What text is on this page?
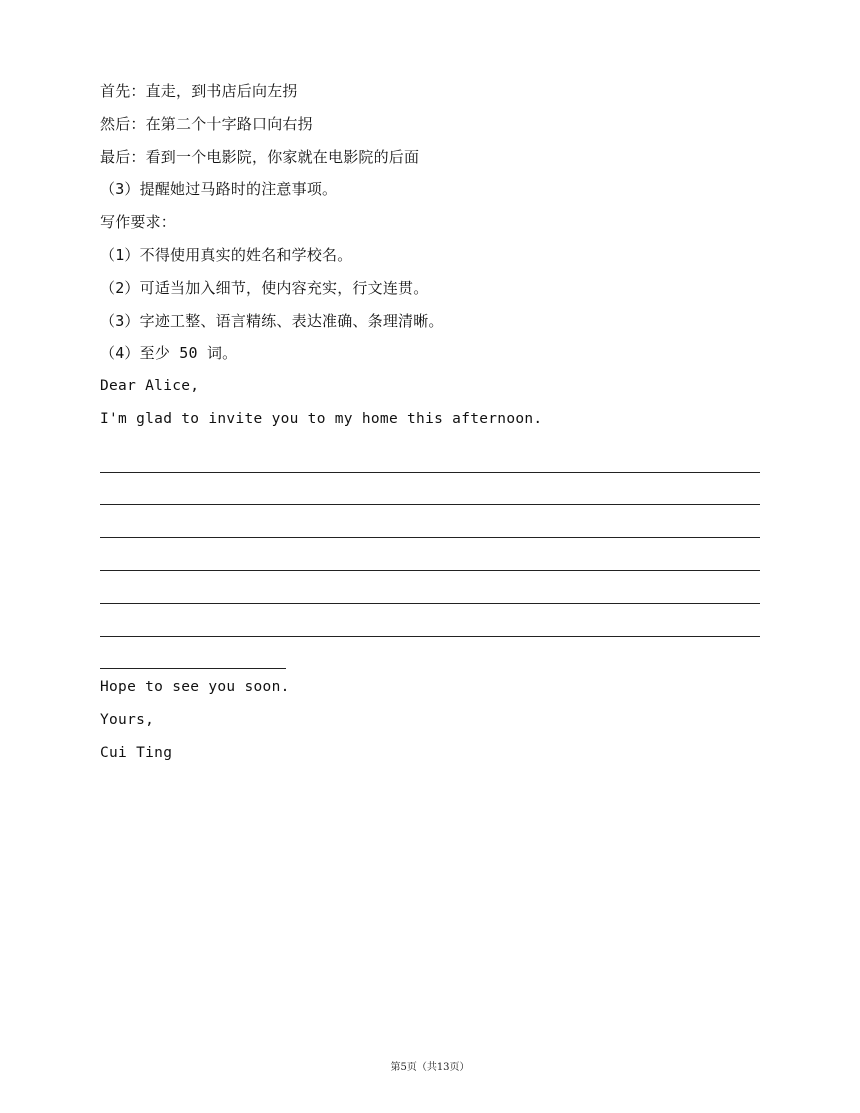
首先：直走，到书店后向左拐
然后：在第二个十字路口向右拐
最后：看到一个电影院，你家就在电影院的后面
（3）提醒她过马路时的注意事项。
写作要求：
（1）不得使用真实的姓名和学校名。
（2）可适当加入细节，使内容充实，行文连贯。
（3）字迹工整、语言精练、表达准确、条理清晰。
（4）至少 50 词。
Dear Alice,
I'm glad to invite you to my home this afternoon.
Hope to see you soon.
Yours,
Cui Ting
第5页（共13页）
